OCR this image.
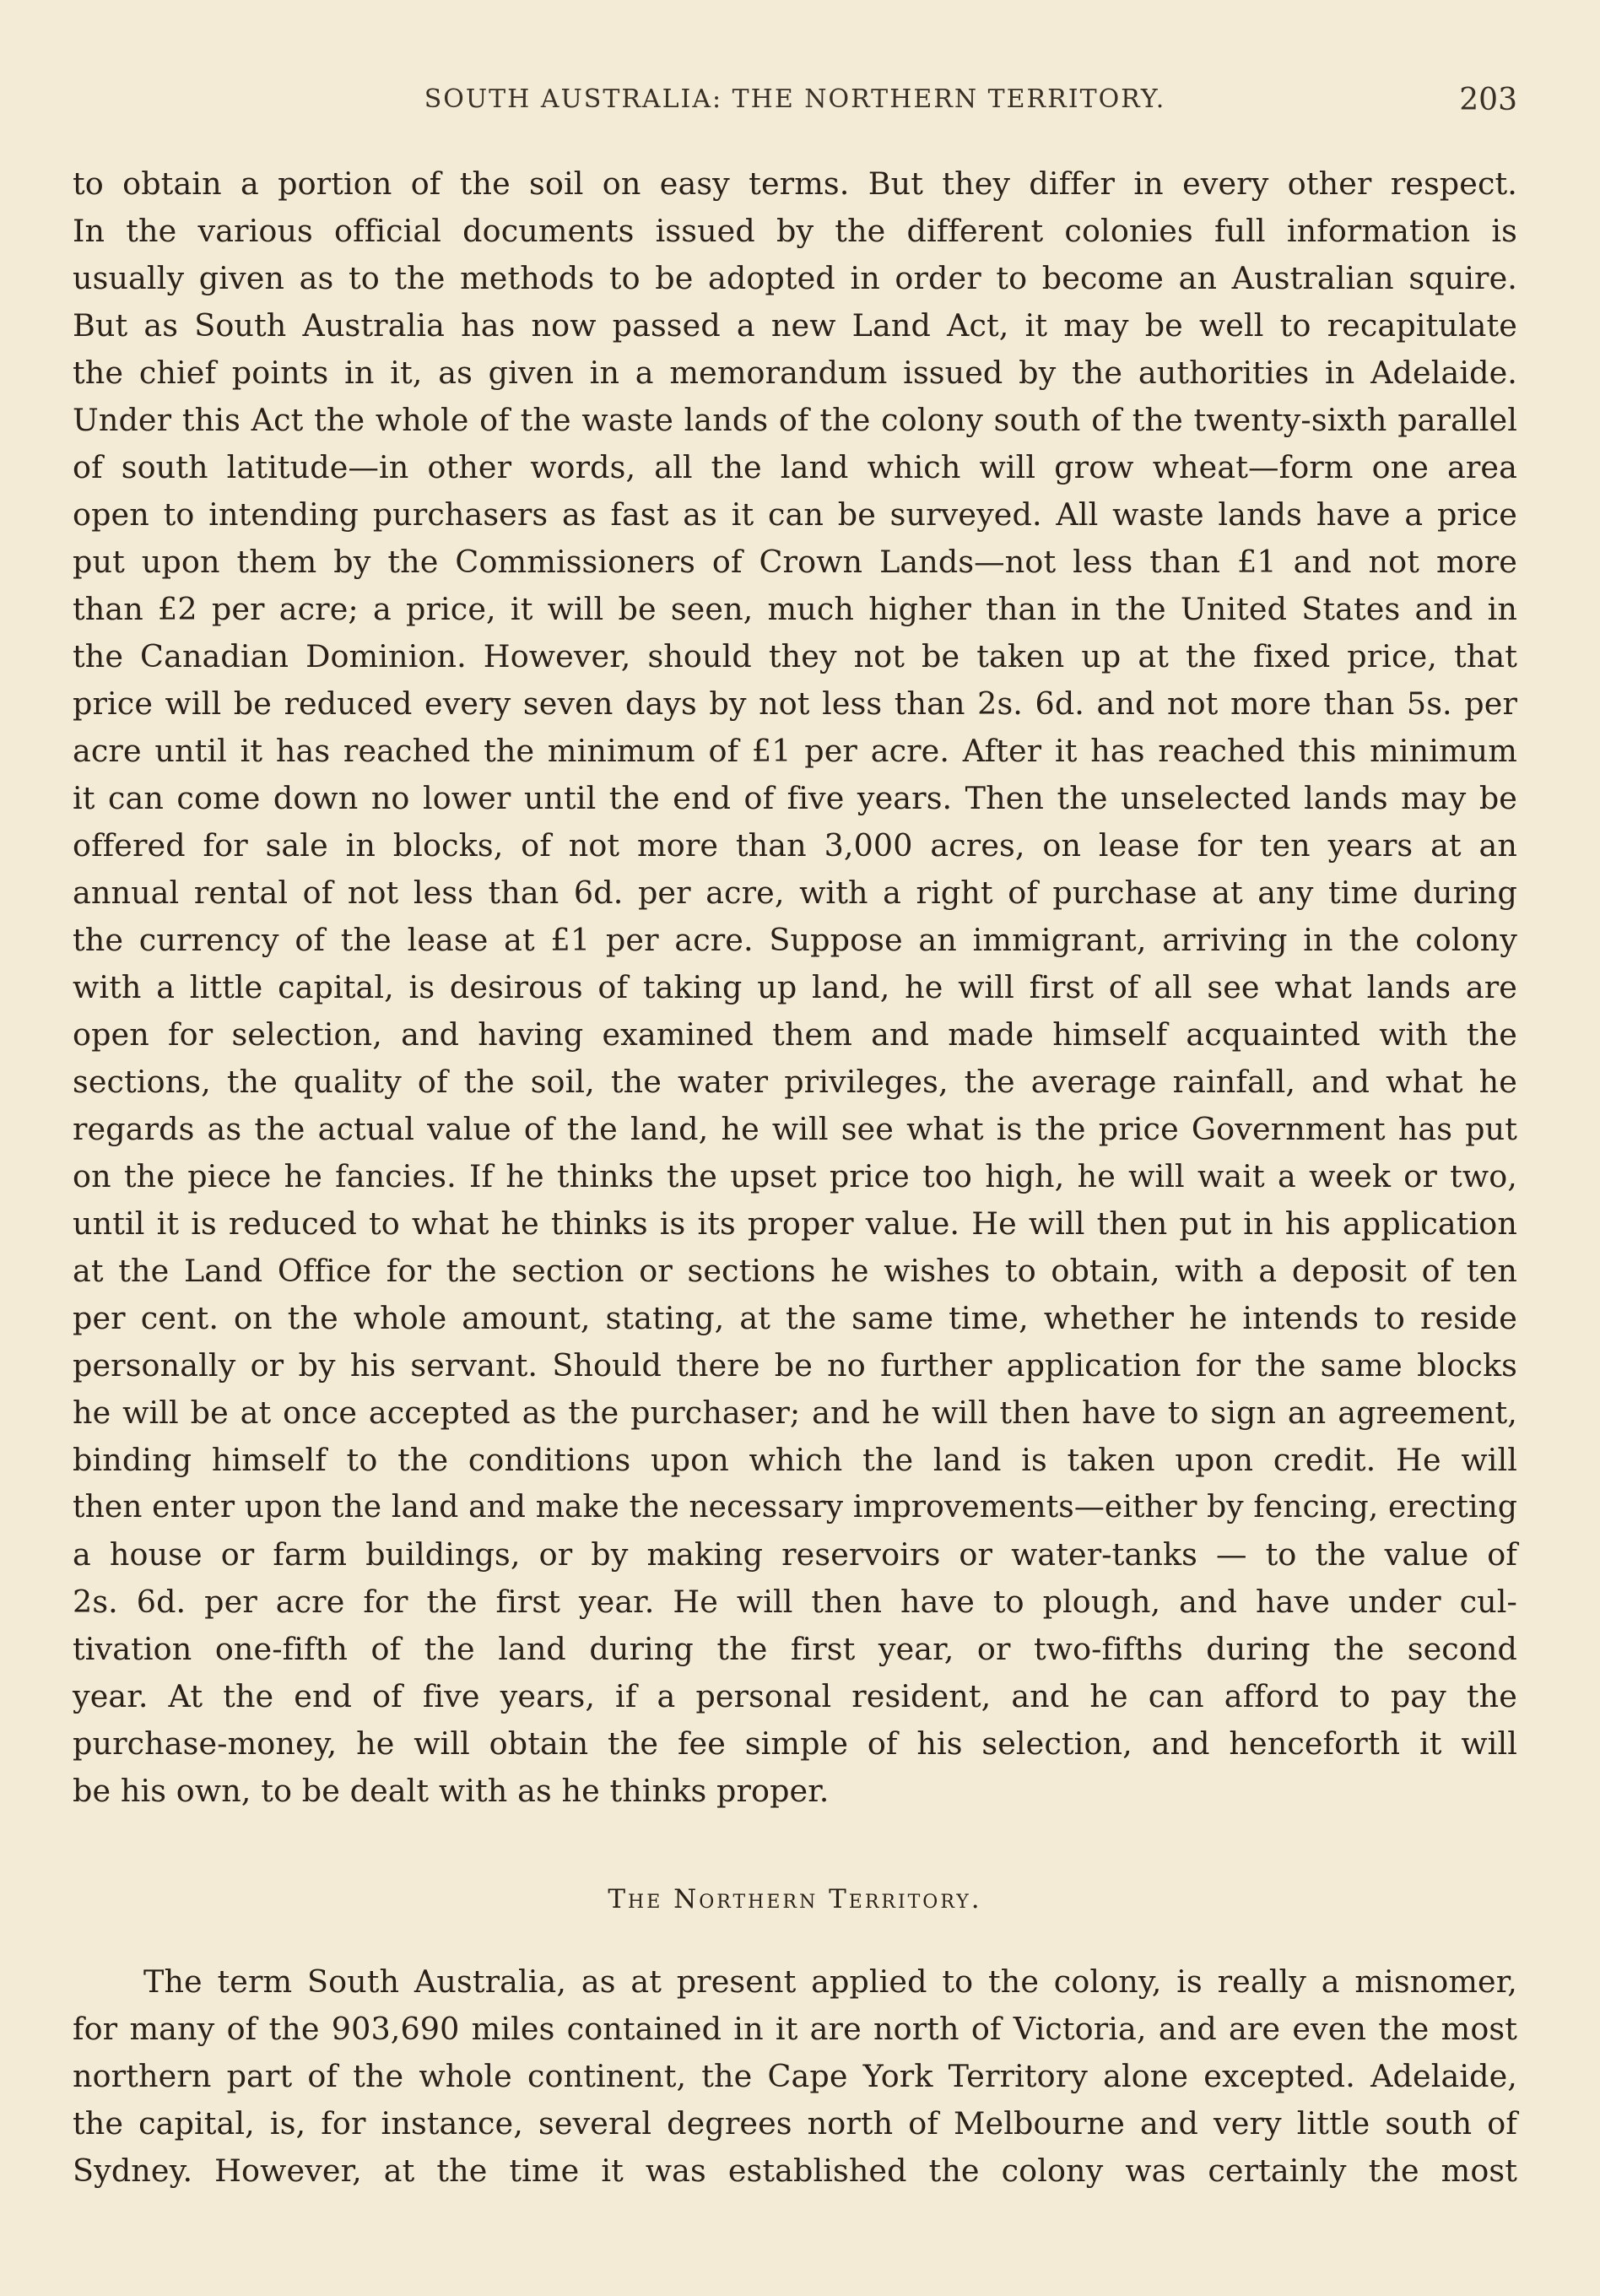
SOUTH AUSTRALIA: THE NORTHERN TERRITORY.	203
to obtain a portion of the soil on easy terms. But they differ in every other respect.
In the various official documents issued by the different colonies full information is
usually given as to the methods to be adopted in order to become an Australian squire.
But as South Australia has now passed a new Land Act, it may be well to recapitulate
the chief points in it, as given in a memorandum issued by the authorities in Adelaide.
Under this Act the whole of the waste lands of the colony south of the twenty-sixth parallel
of south latitude—in other words, all the land which will grow wheat—form one area
open to intending purchasers as fast as it can be surveyed. All waste lands have a price
put upon them by the Commissioners of Crown Lands—not less than £1 and not more
than £2 per acre; a price, it will be seen, much higher than in the United States and in
the Canadian Dominion. However, should they not be taken up at the fixed price, that
price will be reduced every seven days by not less than 2s. 6d. and not more than 5s. per
acre until it has reached the minimum of £1 per acre. After it has reached this minimum
it can come down no lower until the end of five years. Then the unselected lands may be
offered for sale in blocks, of not more than 3,000 acres, on lease for ten years at an
annual rental of not less than 6d. per acre, with a right of purchase at any time during
the currency of the lease at £1 per acre. Suppose an immigrant, arriving in the colony
with a little capital, is desirous of taking up land, he will first of all see what lands are
open for selection, and having examined them and made himself acquainted with the
sections, the quality of the soil, the water privileges, the average rainfall, and what he
regards as the actual value of the land, he will see what is the price Government has put
on the piece he fancies. If he thinks the upset price too high, he will wait a week or two,
until it is reduced to what he thinks is its proper value. He will then put in his application
at the Land Office for the section or sections he wishes to obtain, with a deposit of ten
per cent. on the whole amount, stating, at the same time, whether he intends to reside
personally or by his servant. Should there be no further application for the same blocks
he will be at once accepted as the purchaser; and he will then have to sign an agreement,
binding himself to the conditions upon which the land is taken upon credit. He will
then enter upon the land and make the necessary improvements—either by fencing, erecting
a house or farm buildings, or by making reservoirs or water-tanks — to the value of
2s. 6d. per acre for the first year. He will then have to plough, and have under cul-
tivation one-fifth of the land during the first year, or two-fifths during the second
year. At the end of five years, if a personal resident, and he can afford to pay the
purchase-money, he will obtain the fee simple of his selection, and henceforth it will
be his own, to be dealt with as he thinks proper.
The Northern Territory.
The term South Australia, as at present applied to the colony, is really a misnomer,
for many of the 903,690 miles contained in it are north of Victoria, and are even the most
northern part of the whole continent, the Cape York Territory alone excepted. Adelaide,
the capital, is, for instance, several degrees north of Melbourne and very little south of
Sydney. However, at the time it was established the colony was certainly the most
